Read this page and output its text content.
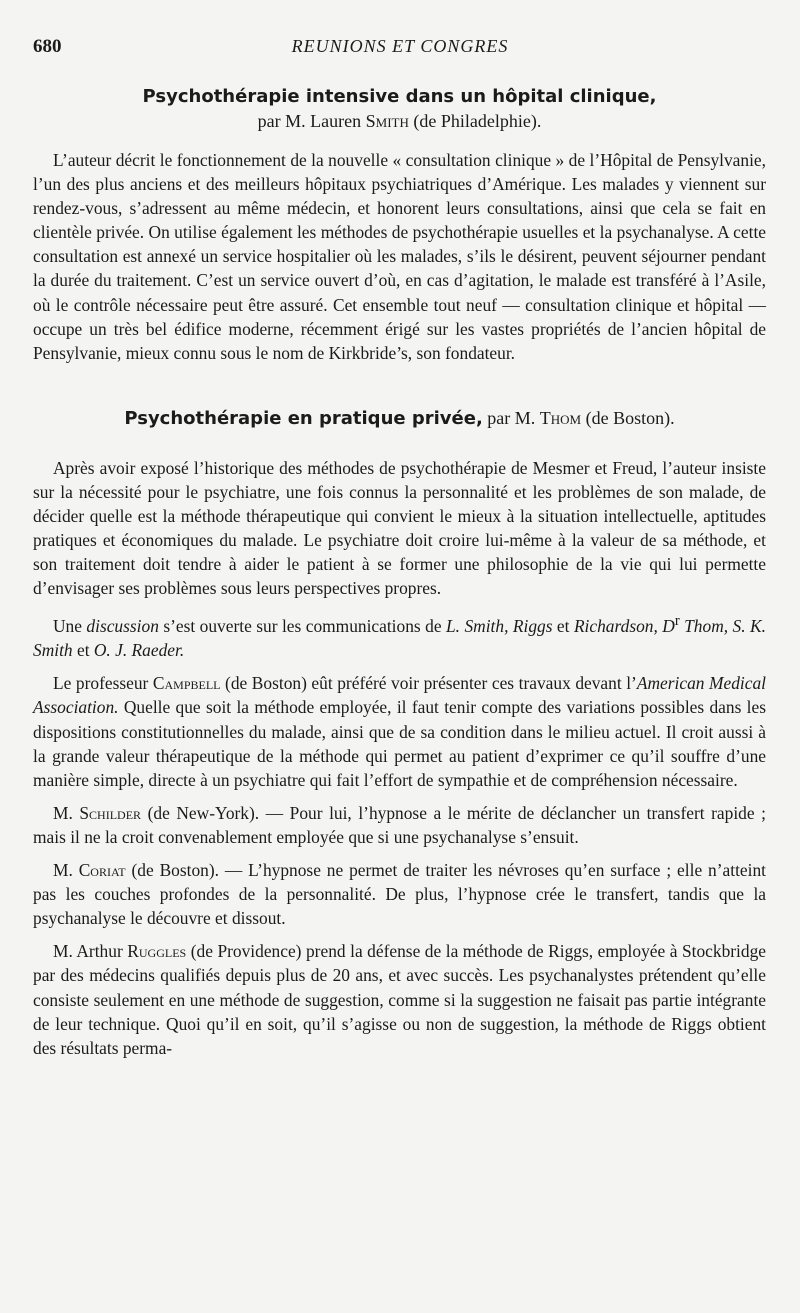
680	REUNIONS ET CONGRES
Psychothérapie intensive dans un hôpital clinique,
par M. Lauren Smith (de Philadelphie).

L’auteur décrit le fonctionnement de la nouvelle « consultation clinique » de l’Hôpital de Pensylvanie, l’un des plus anciens et des meilleurs hôpitaux psychiatriques d’Amérique. Les malades y viennent sur rendez-vous, s’adressent au même médecin, et honorent leurs consultations, ainsi que cela se fait en clientèle privée. On utilise également les méthodes de psychothérapie usuelles et la psychanalyse. A cette consultation est annexé un service hospitalier où les malades, s’ils le désirent, peuvent séjourner pendant la durée du traitement. C’est un service ouvert d’où, en cas d’agitation, le malade est transféré à l’Asile, où le contrôle nécessaire peut être assuré. Cet ensemble tout neuf — consultation clinique et hôpital — occupe un très bel édifice moderne, récemment érigé sur les vastes propriétés de l’ancien hôpital de Pensylvanie, mieux connu sous le nom de Kirkbride’s, son fondateur.

Psychothérapie en pratique privée, par M. Thom (de Boston).

Après avoir exposé l’historique des méthodes de psychothérapie de Mesmer et Freud, l’auteur insiste sur la nécessité pour le psychiatre, une fois connus la personnalité et les problèmes de son malade, de décider quelle est la méthode thérapeutique qui convient le mieux à la situation intellectuelle, aptitudes pratiques et économiques du malade. Le psychiatre doit croire lui-même à la valeur de sa méthode, et son traitement doit tendre à aider le patient à se former une philosophie de la vie qui lui permette d’envisager ses problèmes sous leurs perspectives propres.

Une discussion s’est ouverte sur les communications de L. Smith, Riggs et Richardson, $D^r$ Thom, S. K. Smith et O. J. Raeder.

Le professeur Campbell (de Boston) eût préféré voir présenter ces travaux devant l’American Medical Association. Quelle que soit la méthode employée, il faut tenir compte des variations possibles dans les dispositions constitutionnelles du malade, ainsi que de sa condition dans le milieu actuel. Il croit aussi à la grande valeur thérapeutique de la méthode qui permet au patient d’exprimer ce qu’il souffre d’une manière simple, directe à un psychiatre qui fait l’effort de sympathie et de compréhension nécessaire.

M. Schilder (de New-York). — Pour lui, l’hypnose a le mérite de déclancher un transfert rapide ; mais il ne la croit convenablement employée que si une psychanalyse s’ensuit.

M. Coriat (de Boston). — L’hypnose ne permet de traiter les névroses qu’en surface ; elle n’atteint pas les couches profondes de la personnalité. De plus, l’hypnose crée le transfert, tandis que la psychanalyse le découvre et dissout.

M. Arthur Ruggles (de Providence) prend la défense de la méthode de Riggs, employée à Stockbridge par des médecins qualifiés depuis plus de 20 ans, et avec succès. Les psychanalystes prétendent qu’elle consiste seulement en une méthode de suggestion, comme si la suggestion ne faisait pas partie intégrante de leur technique. Quoi qu’il en soit, qu’il s’agisse ou non de suggestion, la méthode de Riggs obtient des résultats perma-
